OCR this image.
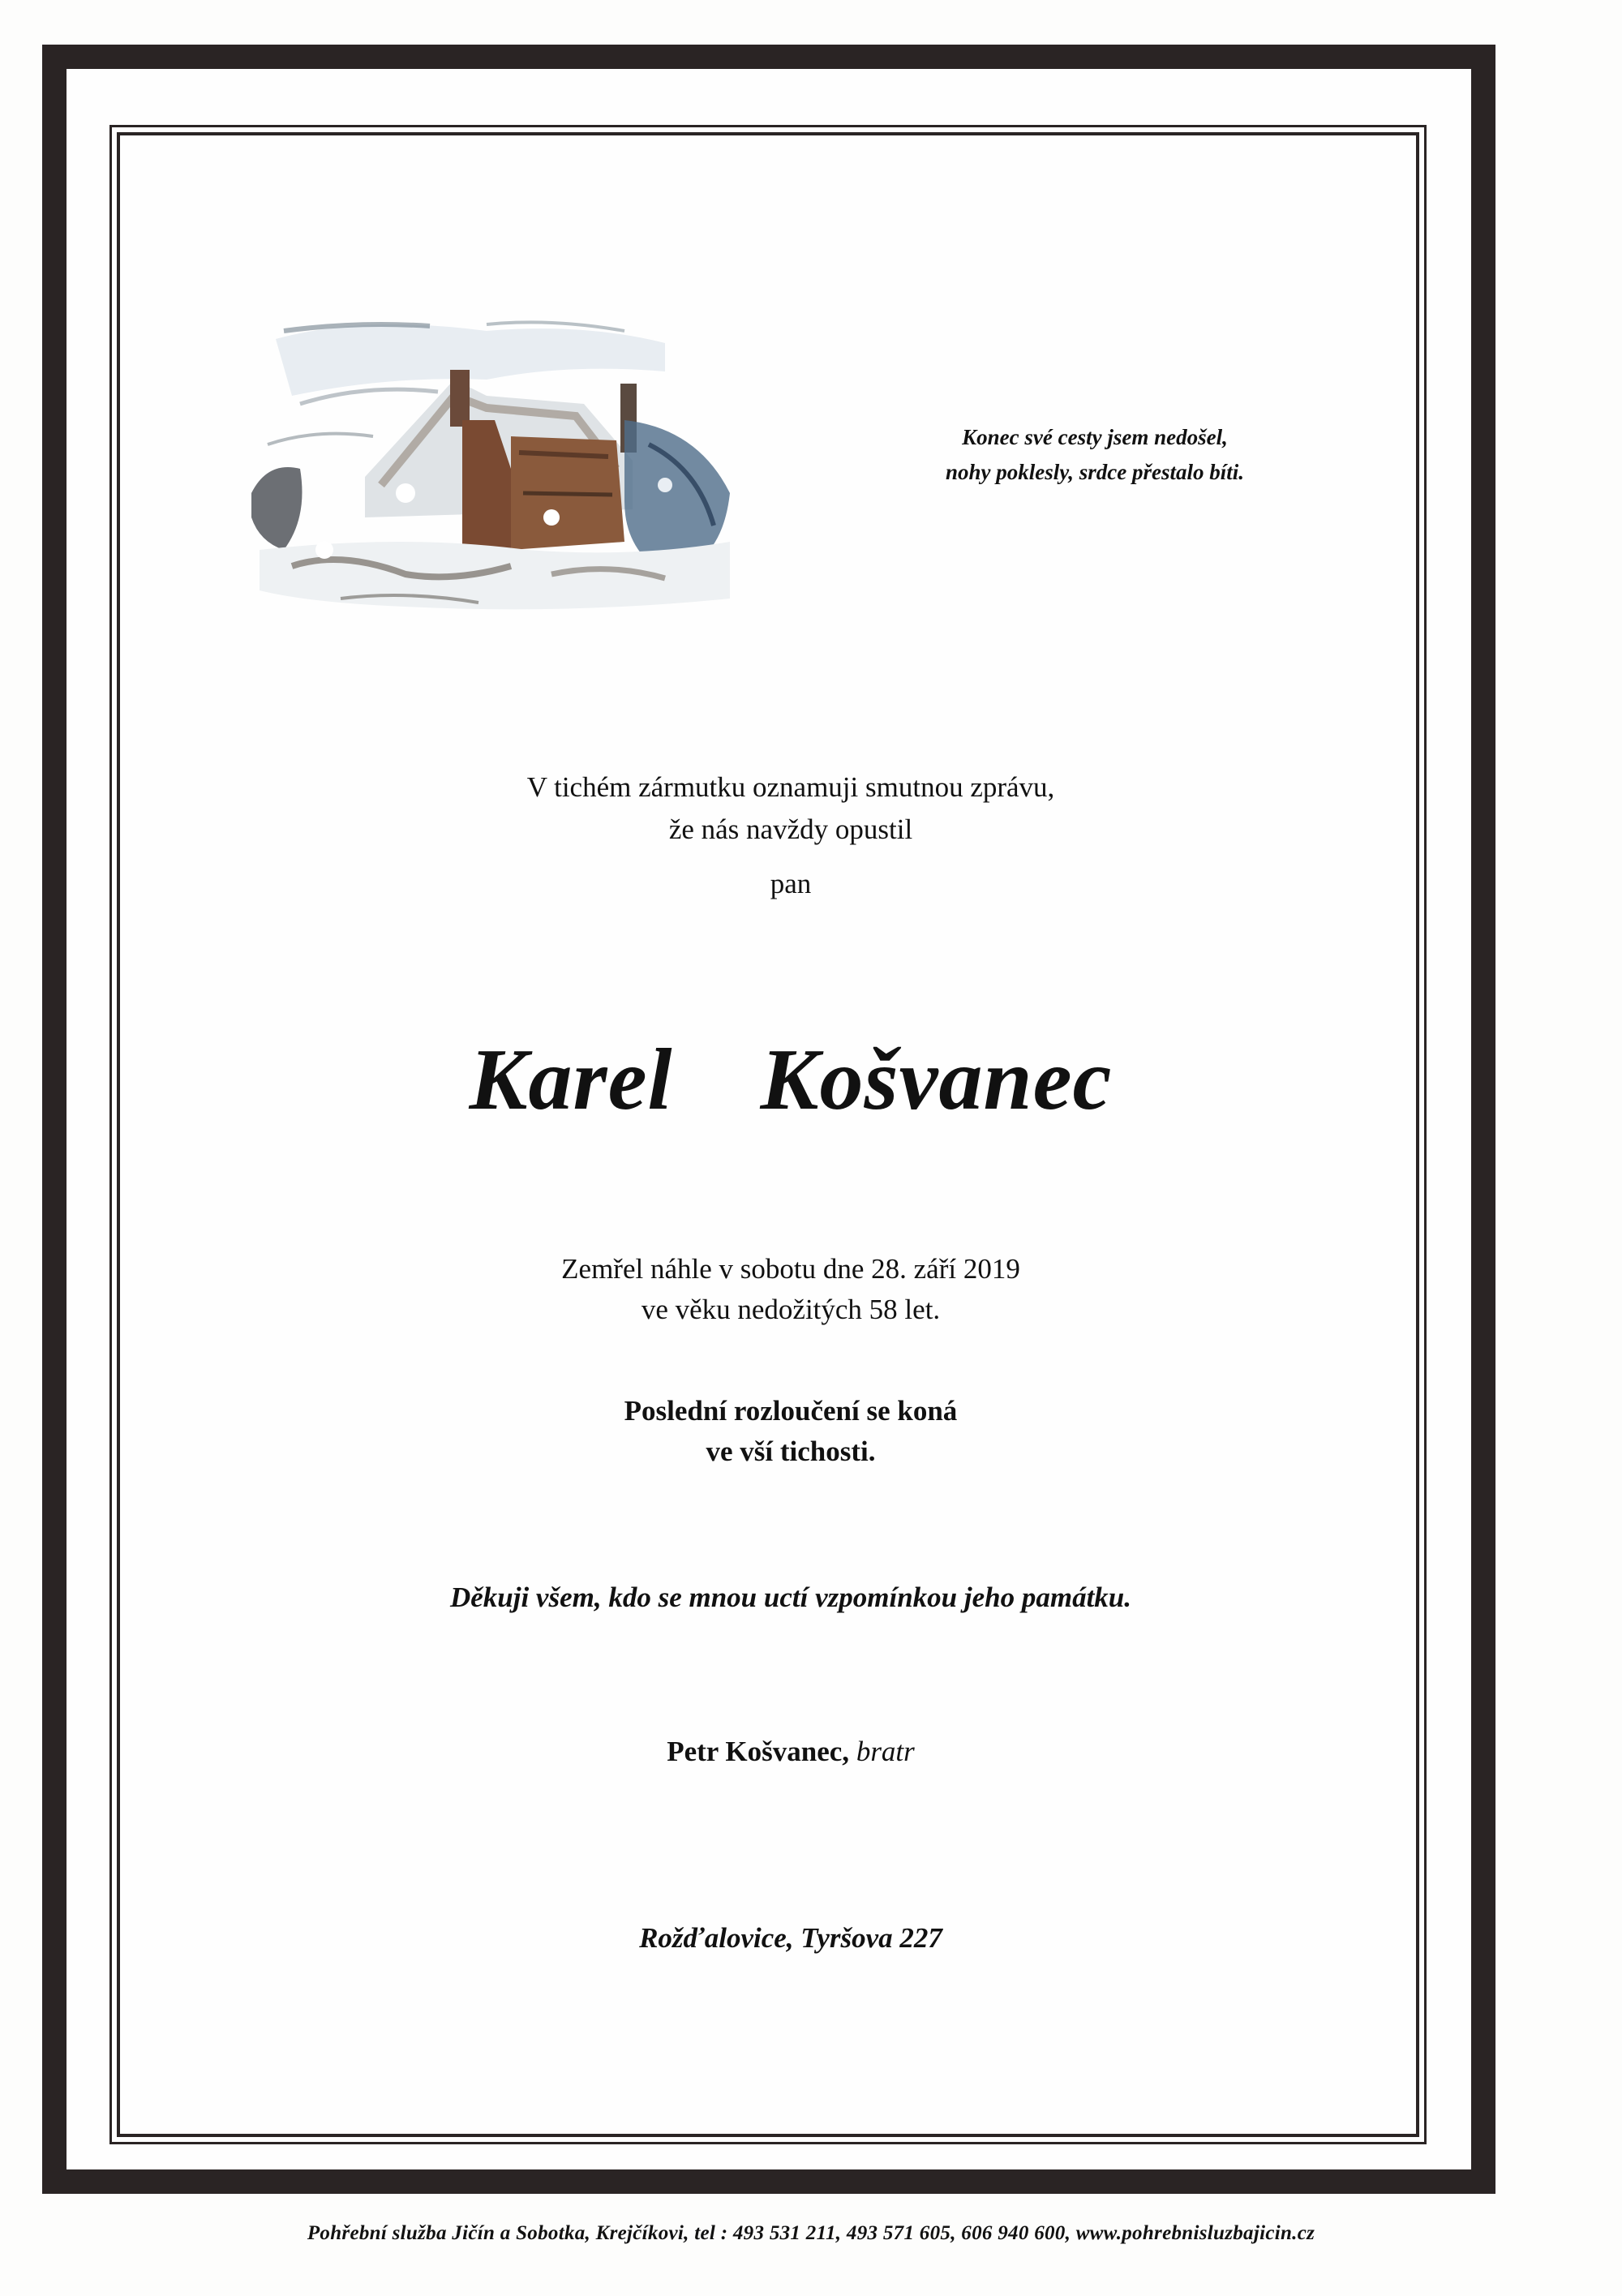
Konec své cesty jsem nedošel,
nohy poklesly, srdce přestalo bíti.
V tichém zármutku oznamuji smutnou zprávu,
že nás navždy opustil
pan
Karel  Košvanec
Zemřel náhle v sobotu dne 28. září 2019
ve věku nedožitých 58 let.
Poslední rozloučení se koná
ve vší tichosti.
Děkuji všem, kdo se mnou uctí vzpomínkou jeho památku.
Petr Košvanec, bratr
Rožďalovice, Tyršova 227
Pohřební služba Jičín a Sobotka, Krejčíkovi, tel : 493 531 211, 493 571 605, 606 940 600, www.pohrebnisluzbajicin.cz
